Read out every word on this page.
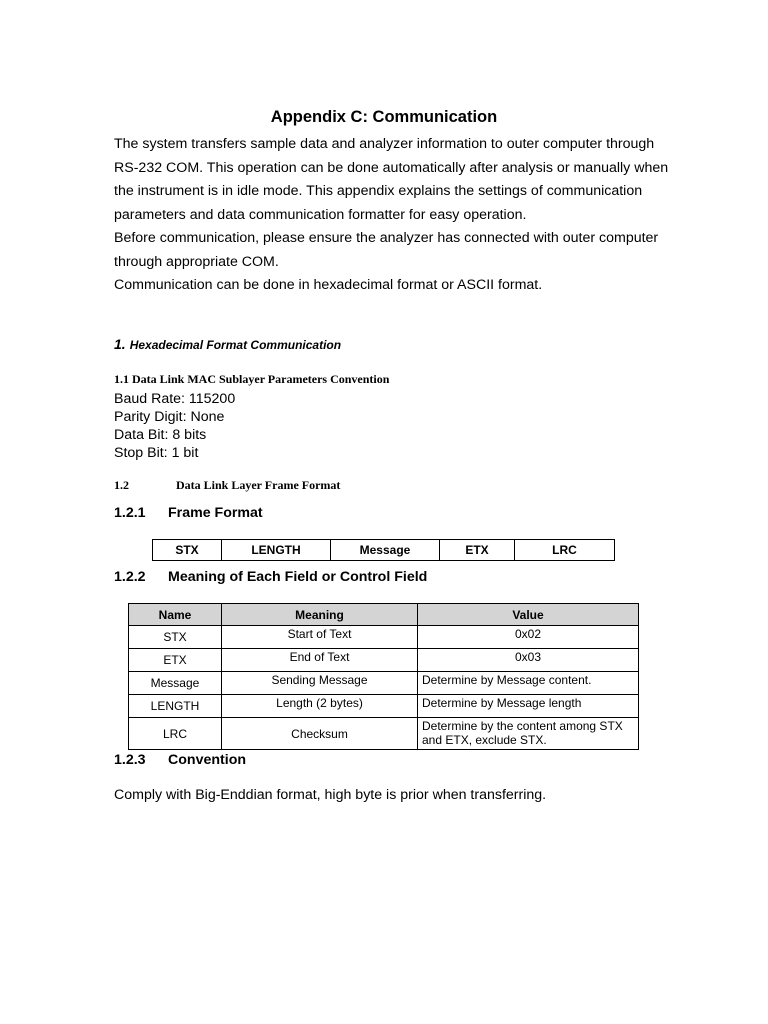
Appendix C: Communication

The system transfers sample data and analyzer information to outer computer through RS-232 COM. This operation can be done automatically after analysis or manually when the instrument is in idle mode. This appendix explains the settings of communication parameters and data communication formatter for easy operation.

Before communication, please ensure the analyzer has connected with outer computer through appropriate COM.

Communication can be done in hexadecimal format or ASCII format.

1. Hexadecimal Format Communication
1.1 Data Link MAC Sublayer Parameters Convention
Baud Rate: 115200
Parity Digit: None
Data Bit: 8 bits
Stop Bit: 1 bit
1.2	Data Link Layer Frame Format
1.2.1 Frame Format
STX	LENGTH	Message	ETX	LRC
1.2.2 Meaning of Each Field or Control Field
Name	Meaning	Value
STX	Start of Text	0x02
ETX	End of Text	0x03
Message	Sending Message	Determine by Message content.
LENGTH	Length (2 bytes)	Determine by Message length
LRC	Checksum	Determine by the content among STX and ETX, exclude STX.
1.2.3 Convention
Comply with Big-Enddian format, high byte is prior when transferring.
